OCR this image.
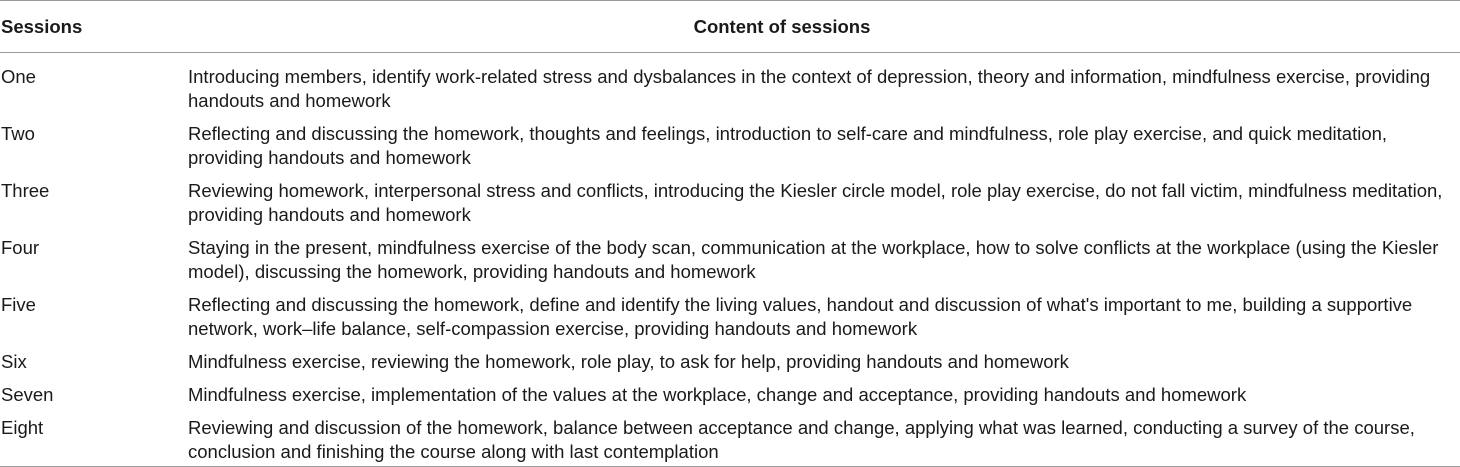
Sessions	Content of sessions
One	Introducing members, identify work-related stress and dysbalances in the context of depression, theory and information, mindfulness exercise, providing handouts and homework
Two	Reflecting and discussing the homework, thoughts and feelings, introduction to self-care and mindfulness, role play exercise, and quick meditation, providing handouts and homework
Three	Reviewing homework, interpersonal stress and conflicts, introducing the Kiesler circle model, role play exercise, do not fall victim, mindfulness meditation, providing handouts and homework
Four	Staying in the present, mindfulness exercise of the body scan, communication at the workplace, how to solve conflicts at the workplace (using the Kiesler model), discussing the homework, providing handouts and homework
Five	Reflecting and discussing the homework, define and identify the living values, handout and discussion of what's important to me, building a supportive network, work–life balance, self-compassion exercise, providing handouts and homework
Six	Mindfulness exercise, reviewing the homework, role play, to ask for help, providing handouts and homework
Seven	Mindfulness exercise, implementation of the values at the workplace, change and acceptance, providing handouts and homework
Eight	Reviewing and discussion of the homework, balance between acceptance and change, applying what was learned, conducting a survey of the course, conclusion and finishing the course along with last contemplation
